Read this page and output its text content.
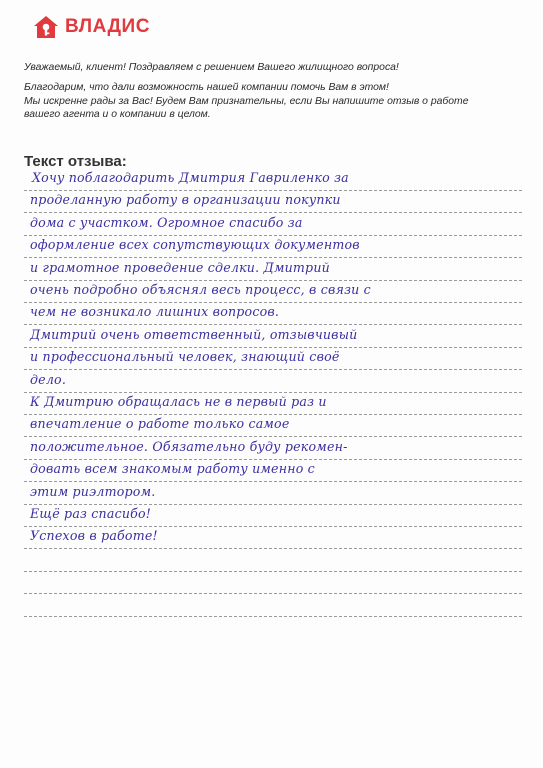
ВЛАДИС

Уважаемый, клиент! Поздравляем с решением Вашего жилищного вопроса!

Благодарим, что дали возможность нашей компании помочь Вам в этом!

Мы искренне рады за Вас! Будем Вам признательны, если Вы напишите отзыв о работе

вашего агента и о компании в целом.

Текст отзыва:
Хочу поблагодарить Дмитрия Гавриленко за
проделанную работу в организации покупки
дома с участком. Огромное спасибо за
оформление всех сопутствующих документов
и грамотное проведение сделки. Дмитрий
очень подробно объяснял весь процесс, в связи с
чем не возникало лишних вопросов.
Дмитрий очень ответственный, отзывчивый
и профессиональный человек, знающий своё
дело.
К Дмитрию обращалась не в первый раз и
впечатление о работе только самое
положительное. Обязательно буду рекомен-
довать всем знакомым работу именно с
этим риэлтором.
Ещё раз спасибо!
Успехов в работе!
